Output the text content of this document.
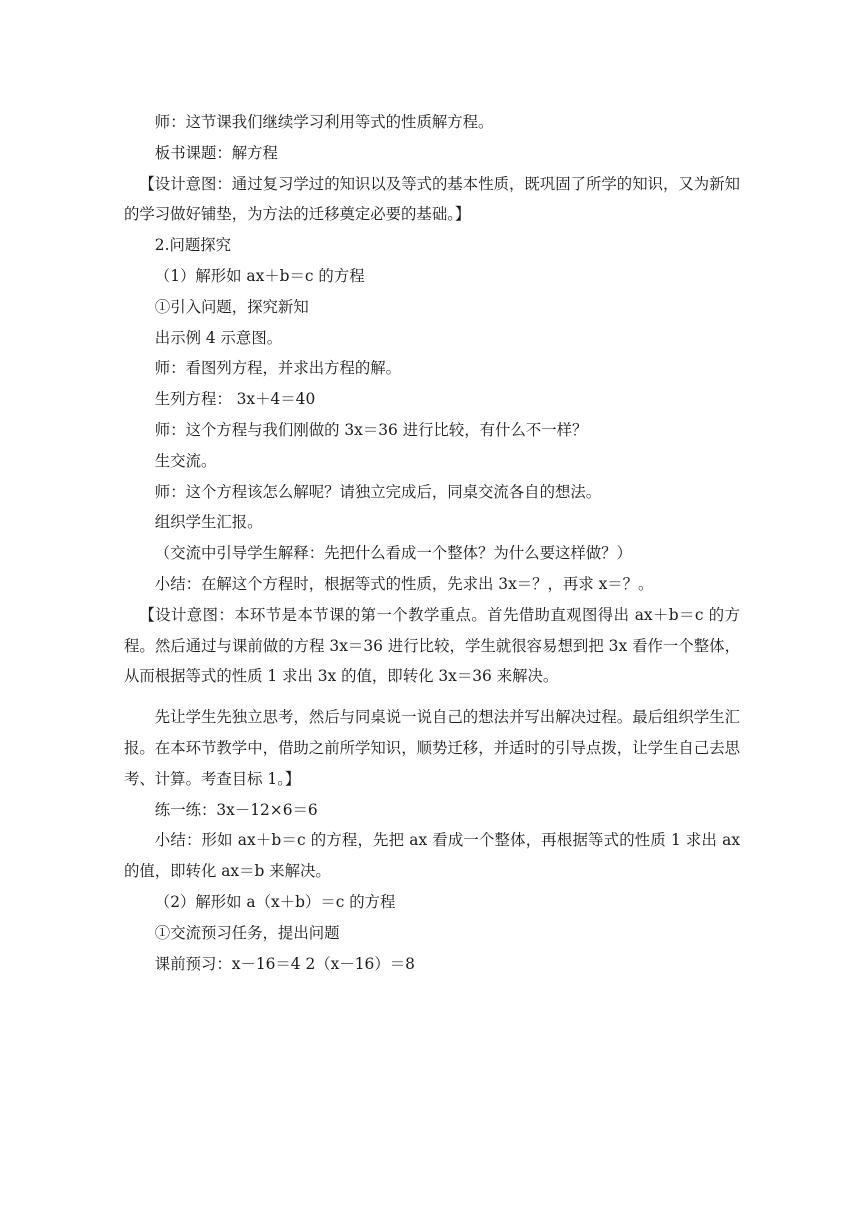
师：这节课我们继续学习利用等式的性质解方程。

板书课题：解方程

【设计意图：通过复习学过的知识以及等式的基本性质，既巩固了所学的知识，又为新知的学习做好铺垫，为方法的迁移奠定必要的基础。】

2.问题探究

（1）解形如 ax＋b＝c 的方程

①引入问题，探究新知

出示例 4 示意图。

师：看图列方程，并求出方程的解。

生列方程： 3x＋4＝40

师：这个方程与我们刚做的 3x＝36 进行比较，有什么不一样？

生交流。

师：这个方程该怎么解呢？请独立完成后，同桌交流各自的想法。

组织学生汇报。

（交流中引导学生解释：先把什么看成一个整体？为什么要这样做？）

小结：在解这个方程时，根据等式的性质，先求出 3x＝？，再求 x＝？。

【设计意图：本环节是本节课的第一个教学重点。首先借助直观图得出 ax＋b＝c 的方程。然后通过与课前做的方程 3x＝36 进行比较，学生就很容易想到把 3x 看作一个整体，从而根据等式的性质 1 求出 3x 的值，即转化 3x＝36 来解决。

先让学生先独立思考，然后与同桌说一说自己的想法并写出解决过程。最后组织学生汇报。在本环节教学中，借助之前所学知识，顺势迁移，并适时的引导点拨，让学生自己去思考、计算。考查目标 1。】

练一练：3x－12×6＝6

小结：形如 ax＋b＝c 的方程，先把 ax 看成一个整体，再根据等式的性质 1 求出 ax 的值，即转化 ax＝b 来解决。

（2）解形如 a（x＋b）＝c 的方程

①交流预习任务，提出问题

课前预习：x－16＝4 2（x－16）＝8
